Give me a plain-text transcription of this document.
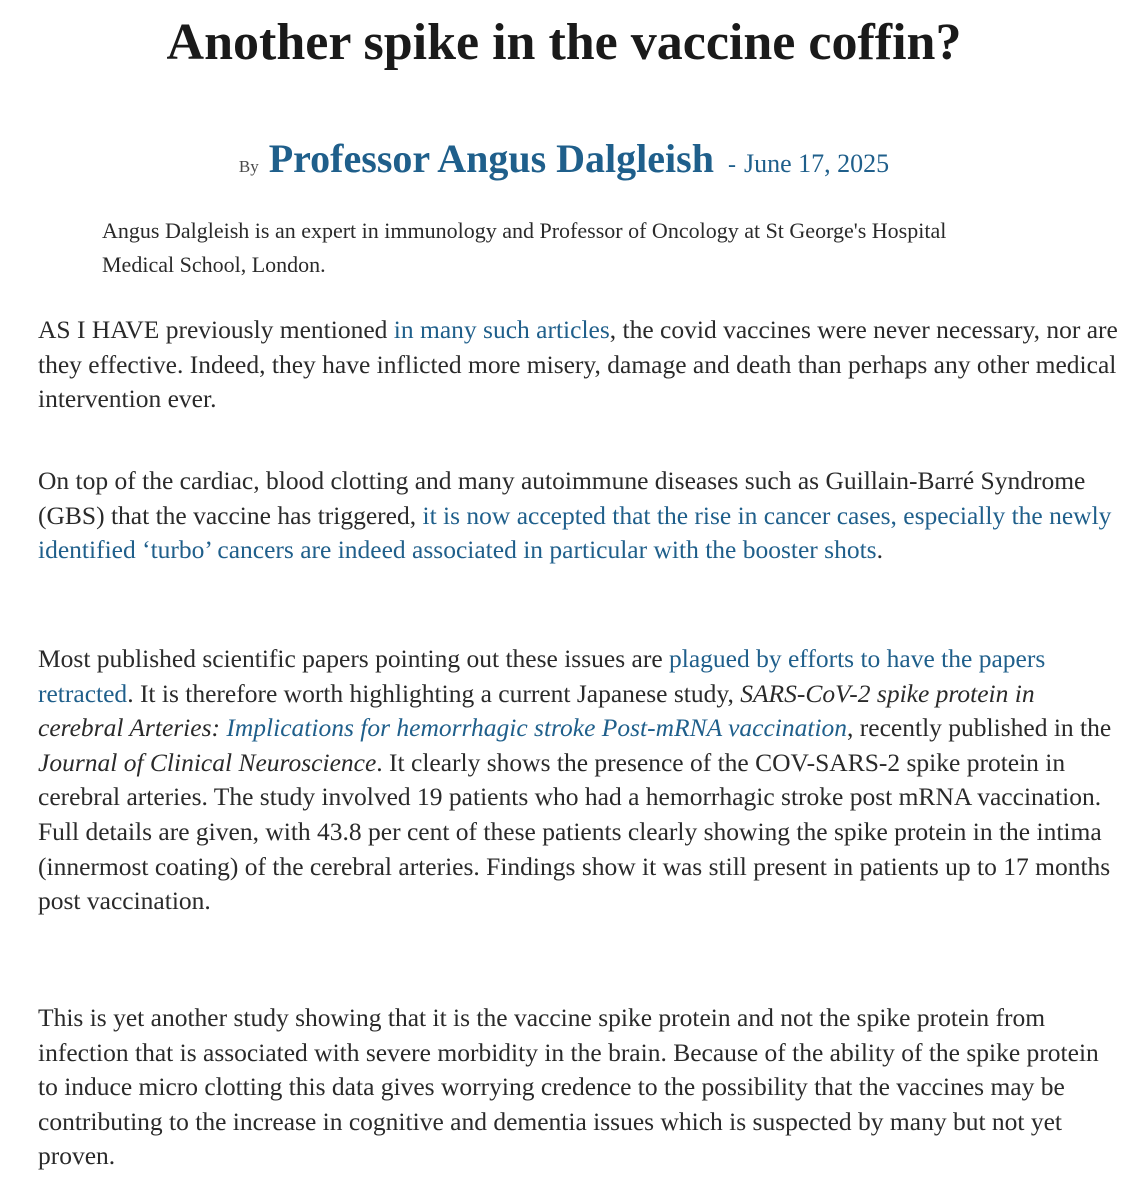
Another spike in the vaccine coffin?
By Professor Angus Dalgleish - June 17, 2025

Angus Dalgleish is an expert in immunology and Professor of Oncology at St George's Hospital Medical School, London.

AS I HAVE previously mentioned in many such articles, the covid vaccines were never necessary, nor are they effective. Indeed, they have inflicted more misery, damage and death than perhaps any other medical intervention ever.

On top of the cardiac, blood clotting and many autoimmune diseases such as Guillain-Barré Syndrome (GBS) that the vaccine has triggered, it is now accepted that the rise in cancer cases, especially the newly identified ‘turbo’ cancers are indeed associated in particular with the booster shots.

Most published scientific papers pointing out these issues are plagued by efforts to have the papers retracted. It is therefore worth highlighting a current Japanese study, SARS-CoV-2 spike protein in cerebral Arteries: Implications for hemorrhagic stroke Post-mRNA vaccination, recently published in the Journal of Clinical Neuroscience. It clearly shows the presence of the COV-SARS-2 spike protein in cerebral arteries. The study involved 19 patients who had a hemorrhagic stroke post mRNA vaccination. Full details are given, with 43.8 per cent of these patients clearly showing the spike protein in the intima (innermost coating) of the cerebral arteries. Findings show it was still present in patients up to 17 months post vaccination.

This is yet another study showing that it is the vaccine spike protein and not the spike protein from infection that is associated with severe morbidity in the brain. Because of the ability of the spike protein to induce micro clotting this data gives worrying credence to the possibility that the vaccines may be contributing to the increase in cognitive and dementia issues which is suspected by many but not yet proven.
